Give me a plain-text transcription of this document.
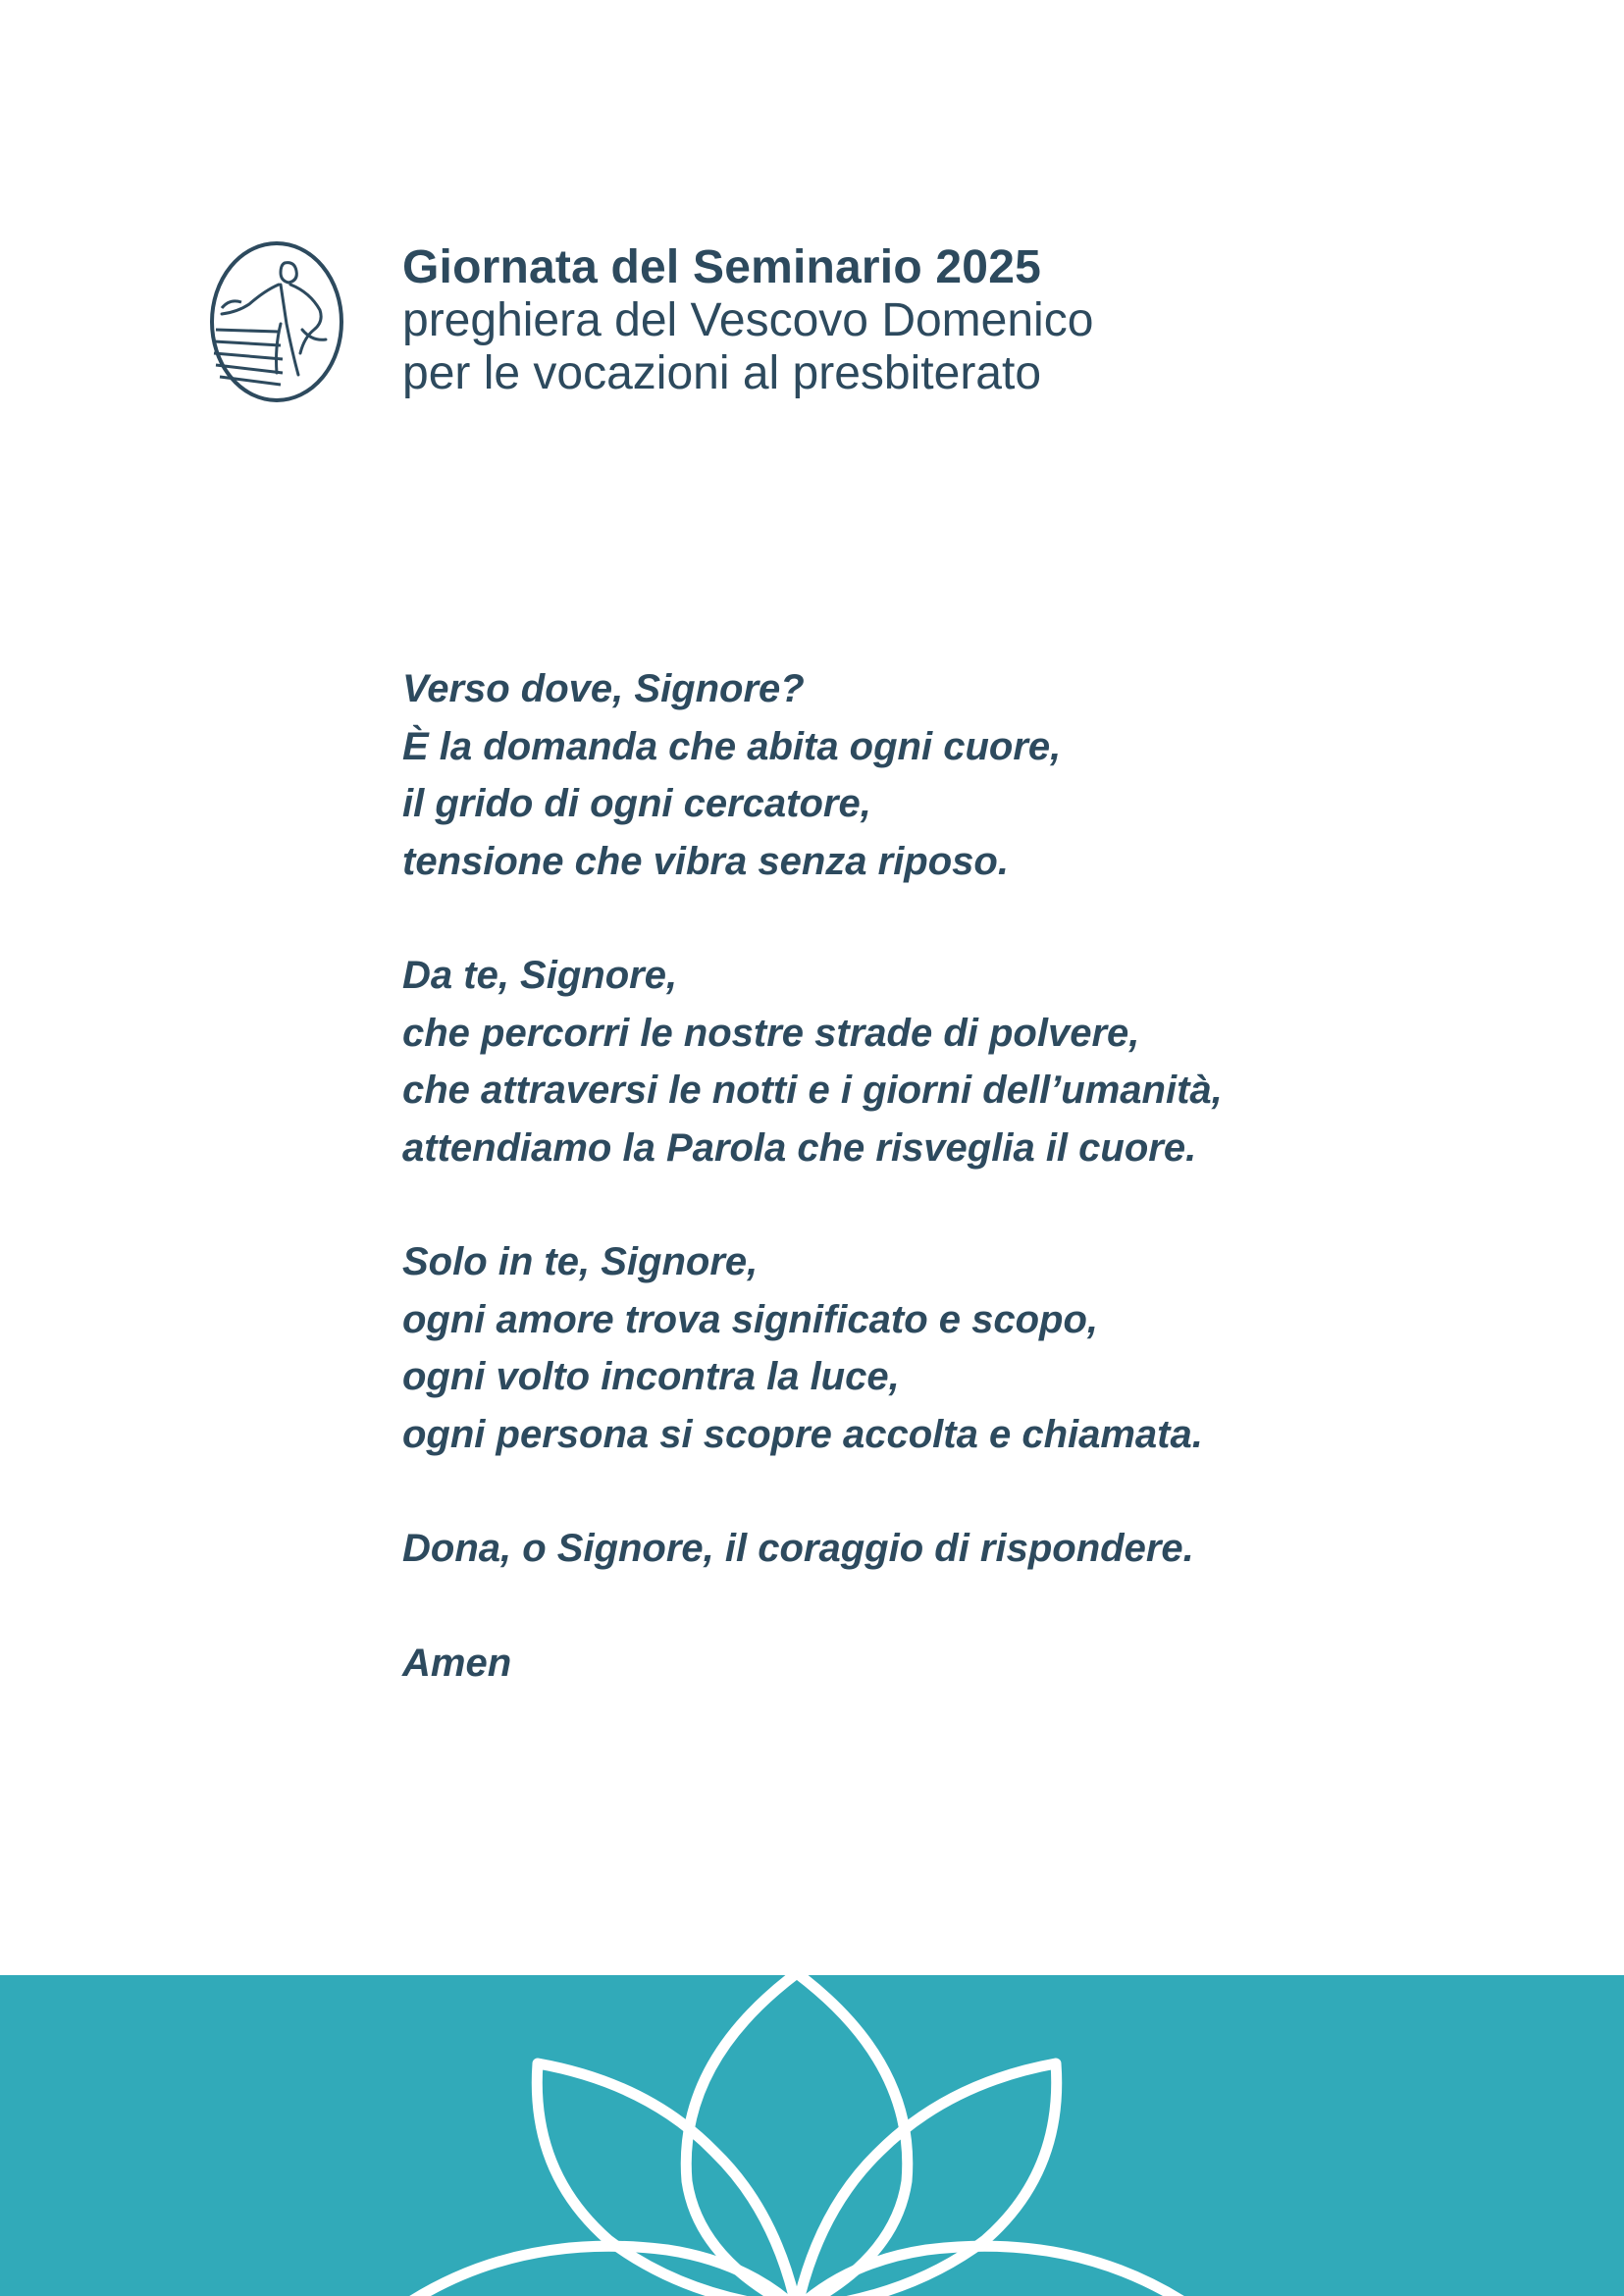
Giornata del Seminario 2025
preghiera del Vescovo Domenico
per le vocazioni al presbiterato
Verso dove, Signore?
È la domanda che abita ogni cuore,
il grido di ogni cercatore,
tensione che vibra senza riposo.
Da te, Signore,
che percorri le nostre strade di polvere,
che attraversi le notti e i giorni dell’umanità,
attendiamo la Parola che risveglia il cuore.
Solo in te, Signore,
ogni amore trova significato e scopo,
ogni volto incontra la luce,
ogni persona si scopre accolta e chiamata.
Dona, o Signore, il coraggio di rispondere.
Amen
